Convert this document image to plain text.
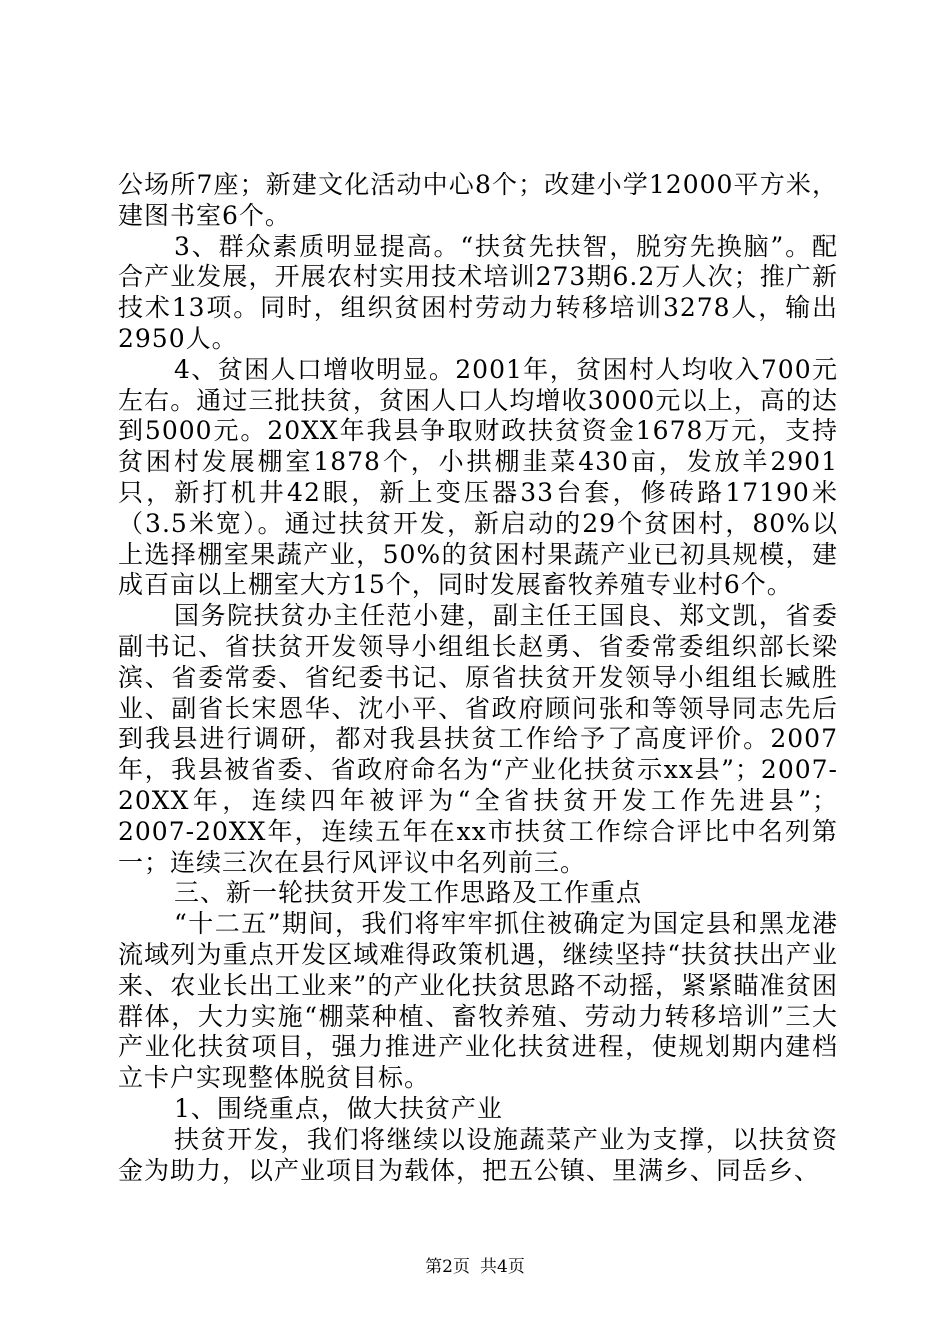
公场所7座；新建文化活动中心8个；改建小学12000平方米，建图书室6个。

3、群众素质明显提高。“扶贫先扶智，脱穷先换脑”。配合产业发展，开展农村实用技术培训273期6.2万人次；推广新技术13项。同时，组织贫困村劳动力转移培训3278人，输出2950人。

4、贫困人口增收明显。2001年，贫困村人均收入700元左右。通过三批扶贫，贫困人口人均增收3000元以上，高的达到5000元。20XX年我县争取财政扶贫资金1678万元，支持贫困村发展棚室1878个，小拱棚韭菜430亩，发放羊2901只，新打机井42眼，新上变压器33台套，修砖路17190米（3.5米宽）。通过扶贫开发，新启动的29个贫困村，80%以上选择棚室果蔬产业，50%的贫困村果蔬产业已初具规模，建成百亩以上棚室大方15个，同时发展畜牧养殖专业村6个。

国务院扶贫办主任范小建，副主任王国良、郑文凯，省委副书记、省扶贫开发领导小组组长赵勇、省委常委组织部长梁滨、省委常委、省纪委书记、原省扶贫开发领导小组组长臧胜业、副省长宋恩华、沈小平、省政府顾问张和等领导同志先后到我县进行调研，都对我县扶贫工作给予了高度评价。2007年，我县被省委、省政府命名为“产业化扶贫示xx县”；2007-20XX年，连续四年被评为“全省扶贫开发工作先进县”；2007-20XX年，连续五年在xx市扶贫工作综合评比中名列第一；连续三次在县行风评议中名列前三。

三、新一轮扶贫开发工作思路及工作重点

“十二五”期间，我们将牢牢抓住被确定为国定县和黑龙港流域列为重点开发区域难得政策机遇，继续坚持“扶贫扶出产业来、农业长出工业来”的产业化扶贫思路不动摇，紧紧瞄准贫困群体，大力实施“棚菜种植、畜牧养殖、劳动力转移培训”三大产业化扶贫项目，强力推进产业化扶贫进程，使规划期内建档立卡户实现整体脱贫目标。

1、围绕重点，做大扶贫产业

扶贫开发，我们将继续以设施蔬菜产业为支撑，以扶贫资金为助力，以产业项目为载体，把五公镇、里满乡、同岳乡、

第2页 共4页
